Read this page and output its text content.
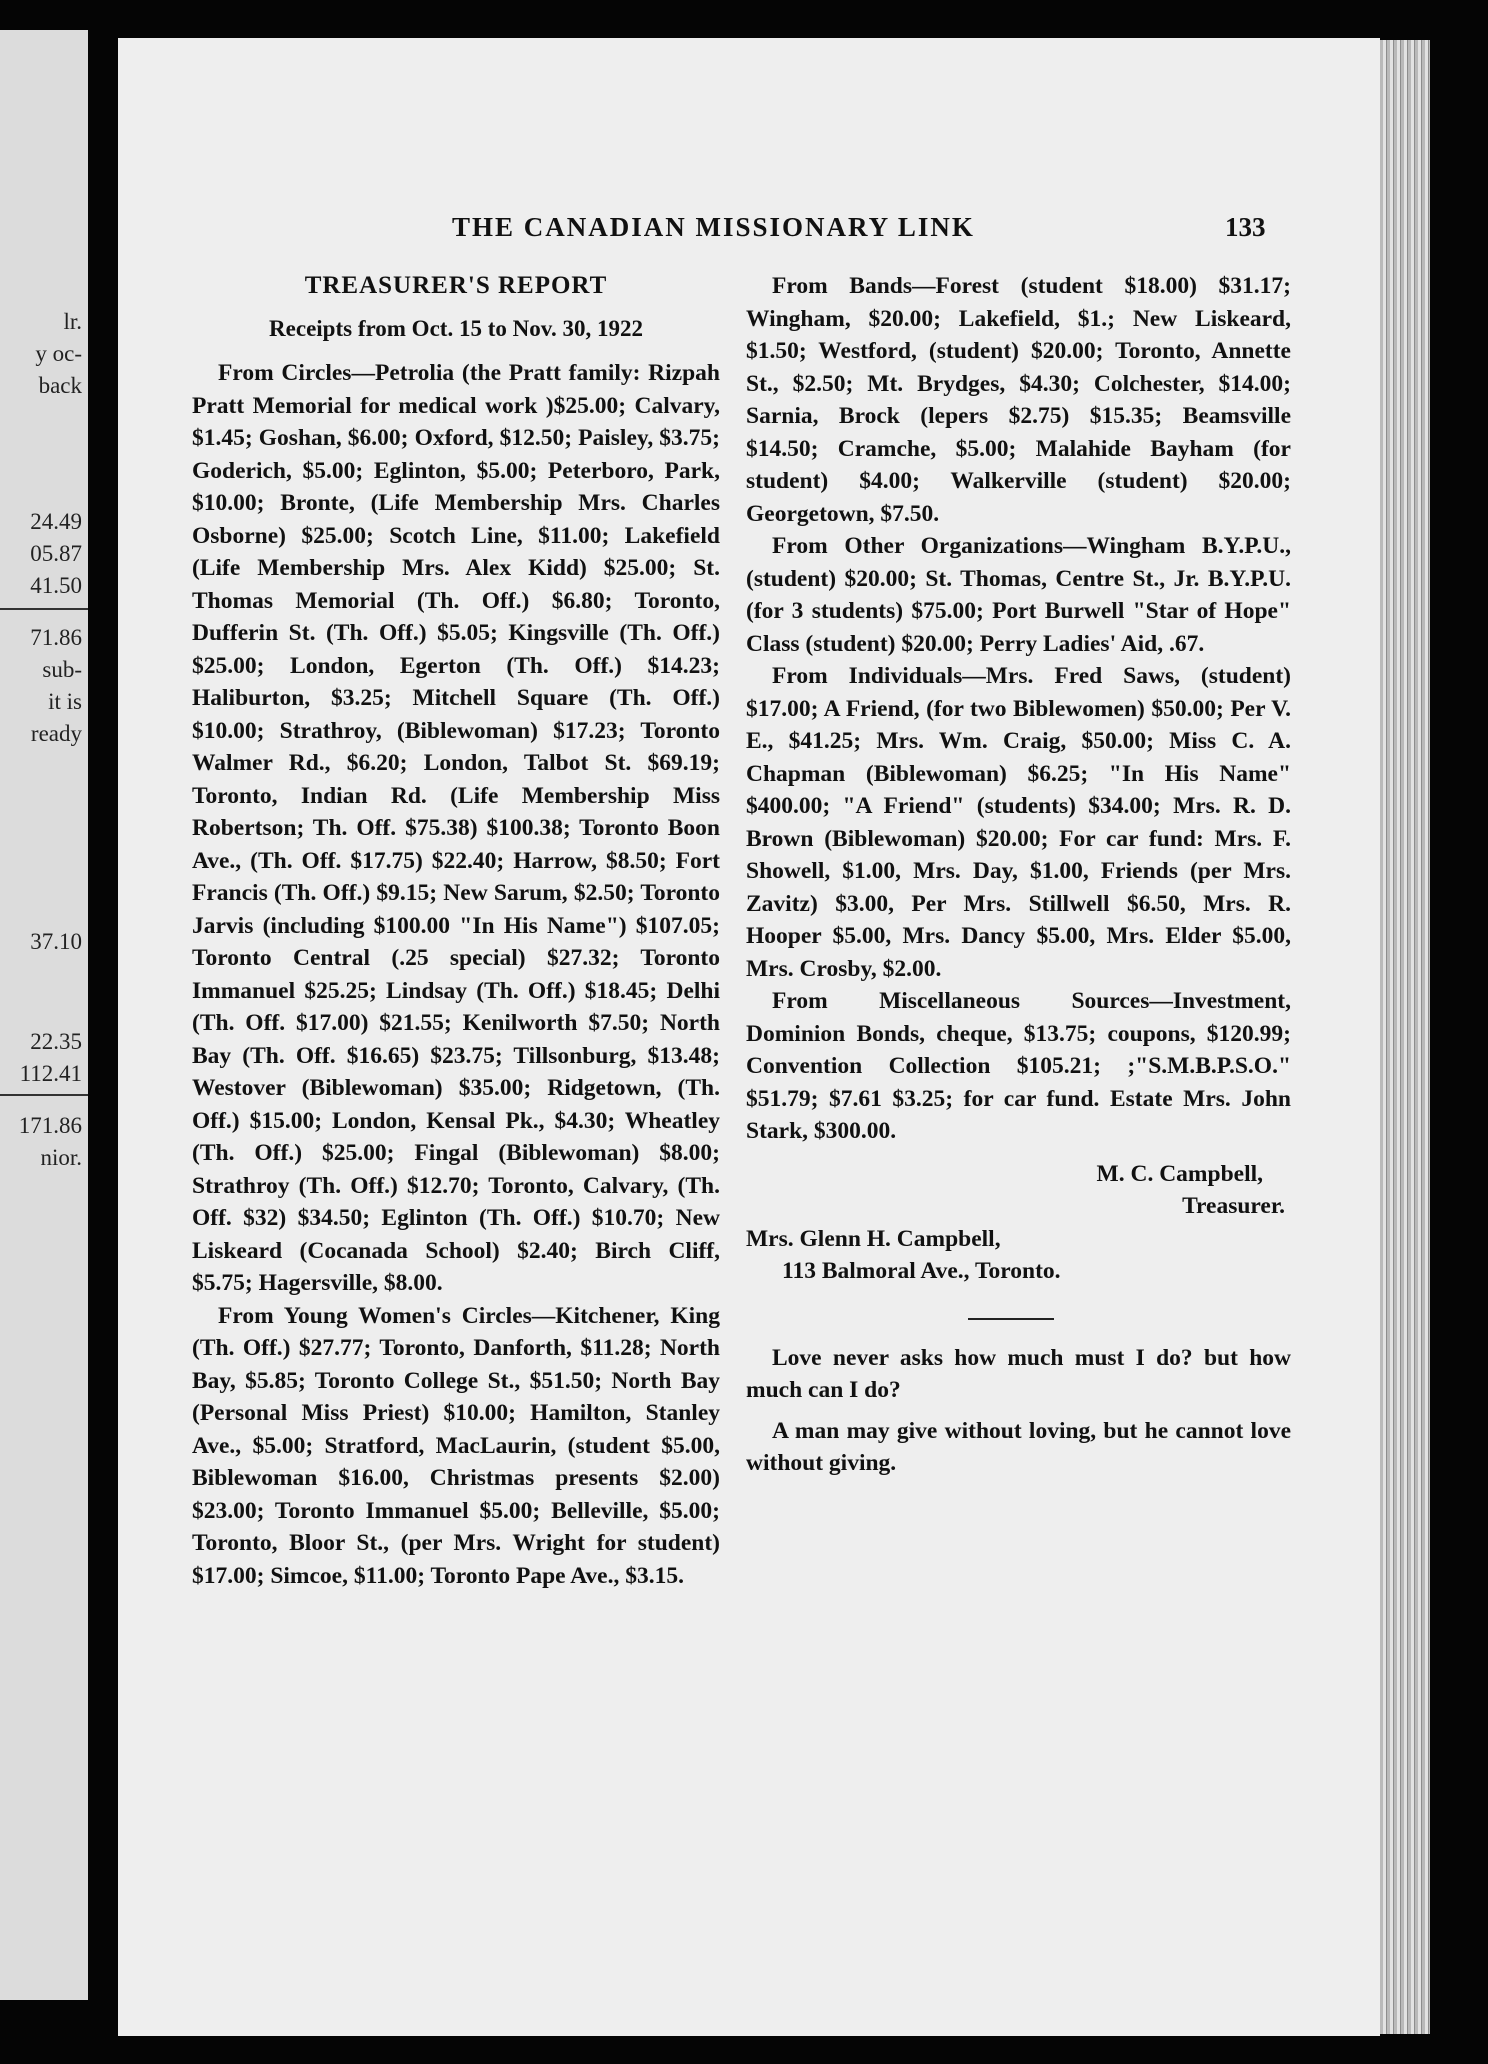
lr.
y oc-
back
24.49
05.87
41.50
71.86
sub-
it is
ready
37.10
22.35
112.41
171.86
nior.
THE CANADIAN MISSIONARY LINK	133
TREASURER'S REPORT
Receipts from Oct. 15 to Nov. 30, 1922

From Circles—Petrolia (the Pratt family: Rizpah Pratt Memorial for medical work )$25.00; Calvary, $1.45; Goshan, $6.00; Oxford, $12.50; Paisley, $3.75; Goderich, $5.00; Eglinton, $5.00; Peterboro, Park, $10.00; Bronte, (Life Membership Mrs. Charles Osborne) $25.00; Scotch Line, $11.00; Lakefield (Life Membership Mrs. Alex Kidd) $25.00; St. Thomas Memorial (Th. Off.) $6.80; Toronto, Dufferin St. (Th. Off.) $5.05; Kingsville (Th. Off.) $25.00; London, Egerton (Th. Off.) $14.23; Haliburton, $3.25; Mitchell Square (Th. Off.) $10.00; Strathroy, (Biblewoman) $17.23; Toronto Walmer Rd., $6.20; London, Talbot St. $69.19; Toronto, Indian Rd. (Life Membership Miss Robertson; Th. Off. $75.38) $100.38; Toronto Boon Ave., (Th. Off. $17.75) $22.40; Harrow, $8.50; Fort Francis (Th. Off.) $9.15; New Sarum, $2.50; Toronto Jarvis (including $100.00 "In His Name") $107.05; Toronto Central (.25 special) $27.32; Toronto Immanuel $25.25; Lindsay (Th. Off.) $18.45; Delhi (Th. Off. $17.00) $21.55; Kenilworth $7.50; North Bay (Th. Off. $16.65) $23.75; Tillsonburg, $13.48; Westover (Biblewoman) $35.00; Ridgetown, (Th. Off.) $15.00; London, Kensal Pk., $4.30; Wheatley (Th. Off.) $25.00; Fingal (Biblewoman) $8.00; Strathroy (Th. Off.) $12.70; Toronto, Calvary, (Th. Off. $32) $34.50; Eglinton (Th. Off.) $10.70; New Liskeard (Cocanada School) $2.40; Birch Cliff, $5.75; Hagersville, $8.00.

From Young Women's Circles—Kitchener, King (Th. Off.) $27.77; Toronto, Danforth, $11.28; North Bay, $5.85; Toronto College St., $51.50; North Bay (Personal Miss Priest) $10.00; Hamilton, Stanley Ave., $5.00; Stratford, MacLaurin, (student $5.00, Biblewoman $16.00, Christmas presents $2.00) $23.00; Toronto Immanuel $5.00; Belleville, $5.00; Toronto, Bloor St., (per Mrs. Wright for student) $17.00; Simcoe, $11.00; Toronto Pape Ave., $3.15.

From Bands—Forest (student $18.00) $31.17; Wingham, $20.00; Lakefield, $1.; New Liskeard, $1.50; Westford, (student) $20.00; Toronto, Annette St., $2.50; Mt. Brydges, $4.30; Colchester, $14.00; Sarnia, Brock (lepers $2.75) $15.35; Beamsville $14.50; Cramche, $5.00; Malahide Bayham (for student) $4.00; Walkerville (student) $20.00; Georgetown, $7.50.

From Other Organizations—Wingham B.Y.P.U., (student) $20.00; St. Thomas, Centre St., Jr. B.Y.P.U. (for 3 students) $75.00; Port Burwell "Star of Hope" Class (student) $20.00; Perry Ladies' Aid, .67.

From Individuals—Mrs. Fred Saws, (student) $17.00; A Friend, (for two Biblewomen) $50.00; Per V. E., $41.25; Mrs. Wm. Craig, $50.00; Miss C. A. Chapman (Biblewoman) $6.25; "In His Name" $400.00; "A Friend" (students) $34.00; Mrs. R. D. Brown (Biblewoman) $20.00; For car fund: Mrs. F. Showell, $1.00, Mrs. Day, $1.00, Friends (per Mrs. Zavitz) $3.00, Per Mrs. Stillwell $6.50, Mrs. R. Hooper $5.00, Mrs. Dancy $5.00, Mrs. Elder $5.00, Mrs. Crosby, $2.00.

From Miscellaneous Sources—Investment, Dominion Bonds, cheque, $13.75; coupons, $120.99; Convention Collection $105.21; ;"S.M.B.P.S.O." $51.79; $7.61 $3.25; for car fund. Estate Mrs. John Stark, $300.00.

M. C. Campbell,
Treasurer.
Mrs. Glenn H. Campbell,
113 Balmoral Ave., Toronto.

Love never asks how much must I do? but how much can I do?

A man may give without loving, but he cannot love without giving.
